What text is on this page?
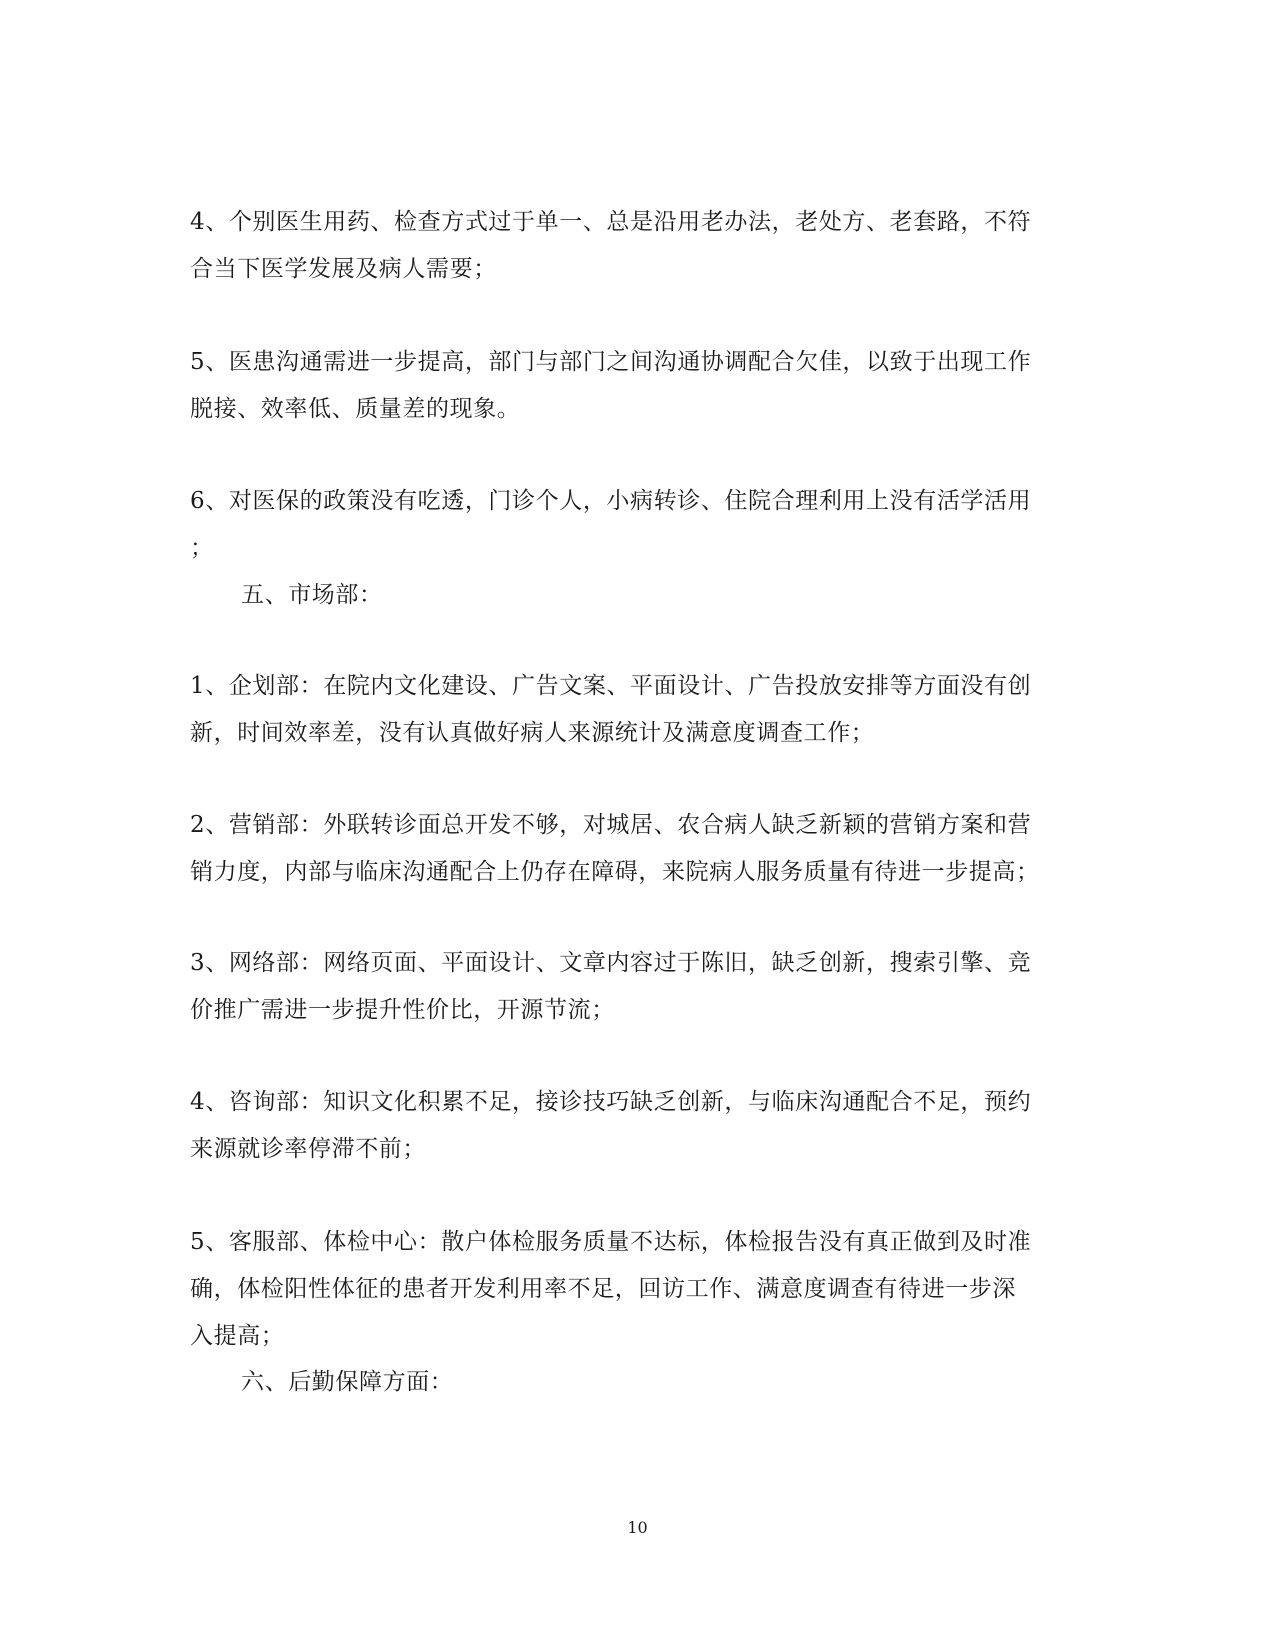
4、个别医生用药、检查方式过于单一、总是沿用老办法，老处方、老套路，不符
合当下医学发展及病人需要；
5、医患沟通需进一步提高，部门与部门之间沟通协调配合欠佳，以致于出现工作
脱接、效率低、质量差的现象。
6、对医保的政策没有吃透，门诊个人，小病转诊、住院合理利用上没有活学活用
；
五、市场部：
1、企划部：在院内文化建设、广告文案、平面设计、广告投放安排等方面没有创
新，时间效率差，没有认真做好病人来源统计及满意度调查工作；
2、营销部：外联转诊面总开发不够，对城居、农合病人缺乏新颖的营销方案和营
销力度，内部与临床沟通配合上仍存在障碍，来院病人服务质量有待进一步提高；
3、网络部：网络页面、平面设计、文章内容过于陈旧，缺乏创新，搜索引擎、竞
价推广需进一步提升性价比，开源节流；
4、咨询部：知识文化积累不足，接诊技巧缺乏创新，与临床沟通配合不足，预约
来源就诊率停滞不前；
5、客服部、体检中心：散户体检服务质量不达标，体检报告没有真正做到及时准
确，体检阳性体征的患者开发利用率不足，回访工作、满意度调查有待进一步深
入提高；
六、后勤保障方面：
10
